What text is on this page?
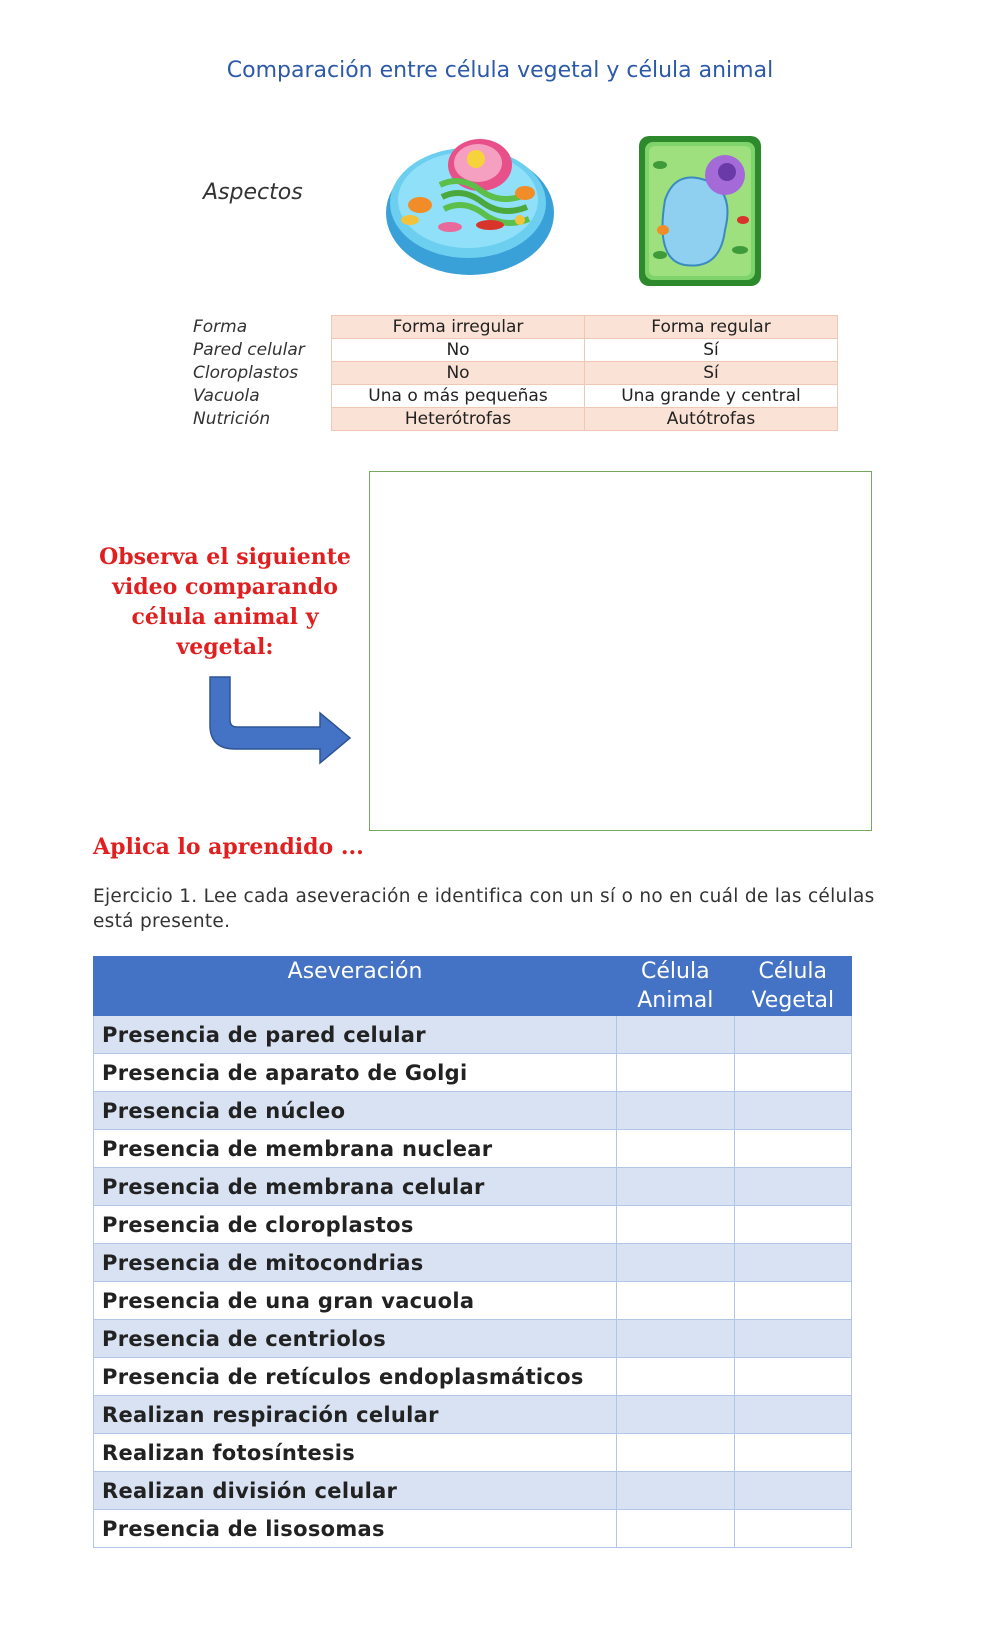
Comparación entre célula vegetal y célula animal
Aspectos
Forma	Forma irregular	Forma regular
Pared celular	No	Sí
Cloroplastos	No	Sí
Vacuola	Una o más pequeñas	Una grande y central
Nutrición	Heterótrofas	Autótrofas
Observa el siguiente video comparando célula animal y vegetal:
Aplica lo aprendido ...
Ejercicio 1. Lee cada aseveración e identifica con un sí o no en cuál de las células está presente.
Aseveración	Célula Animal	Célula Vegetal
Presencia de pared celular		
Presencia de aparato de Golgi		
Presencia de núcleo		
Presencia de membrana nuclear		
Presencia de membrana celular		
Presencia de cloroplastos		
Presencia de mitocondrias		
Presencia de una gran vacuola		
Presencia de centriolos		
Presencia de retículos endoplasmáticos		
Realizan respiración celular		
Realizan fotosíntesis		
Realizan división celular		
Presencia de lisosomas		
